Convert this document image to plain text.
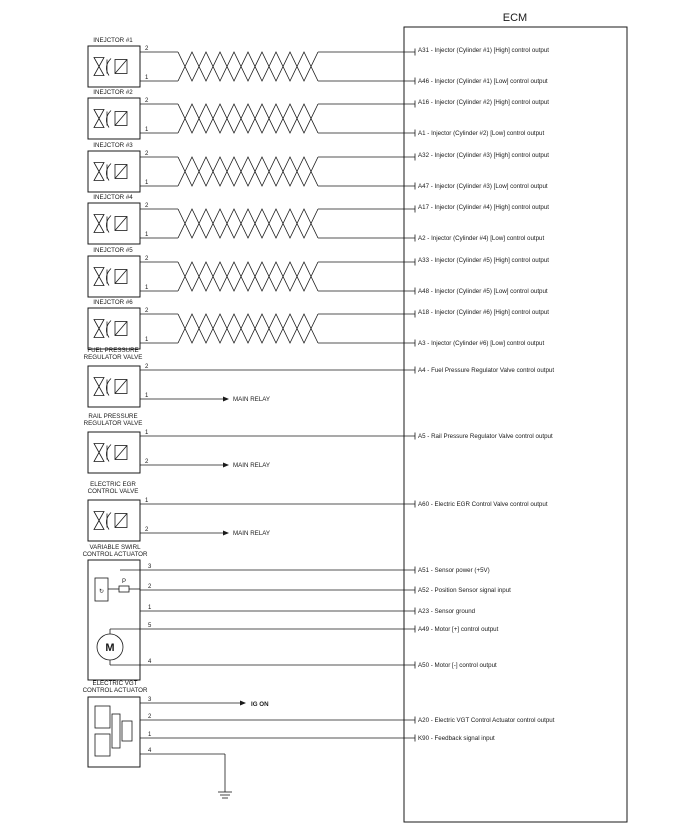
ECM
INEJCTOR #1
2
1
A31 - Injector (Cylinder #1) [High] control output
A46 - Injector (Cylinder #1) [Low] control output
INEJCTOR #2
2
1
A16 - Injector (Cylinder #2) [High] control output
A1 - Injector (Cylinder #2) [Low] control output
INEJCTOR #3
2
1
A32 - Injector (Cylinder #3) [High] control output
A47 - Injector (Cylinder #3) [Low] control output
INEJCTOR #4
2
1
A17 - Injector (Cylinder #4) [High] control output
A2 - Injector (Cylinder #4) [Low] control output
INEJCTOR #5
2
1
A33 - Injector (Cylinder #5) [High] control output
A48 - Injector (Cylinder #5) [Low] control output
INEJCTOR #6
2
1
A18 - Injector (Cylinder #6) [High] control output
A3 - Injector (Cylinder #6) [Low] control output
FUEL PRESSURE
REGULATOR VALVE
2
1
A4 - Fuel Pressure Regulator Valve control output
MAIN RELAY
RAIL PRESSURE
REGULATOR VALVE
1
2
A5 - Rail Pressure Regulator Valve control output
MAIN RELAY
ELECTRIC EGR
CONTROL VALVE
1
2
A60 - Electric EGR Control Valve control output
MAIN RELAY
VARIABLE SWIRL
CONTROL ACTUATOR
↻
P
M
3	A51 - Sensor power (+5V)
2	A52 - Position Sensor signal input
1	A23 - Sensor ground
5	A49 - Motor [+] control output
4	A50 - Motor [-] control output
ELECTRIC VGT
CONTROL ACTUATOR
3
IG ON
2	A20 - Electric VGT Control Actuator control output
1	K90 - Feedback signal input
4
